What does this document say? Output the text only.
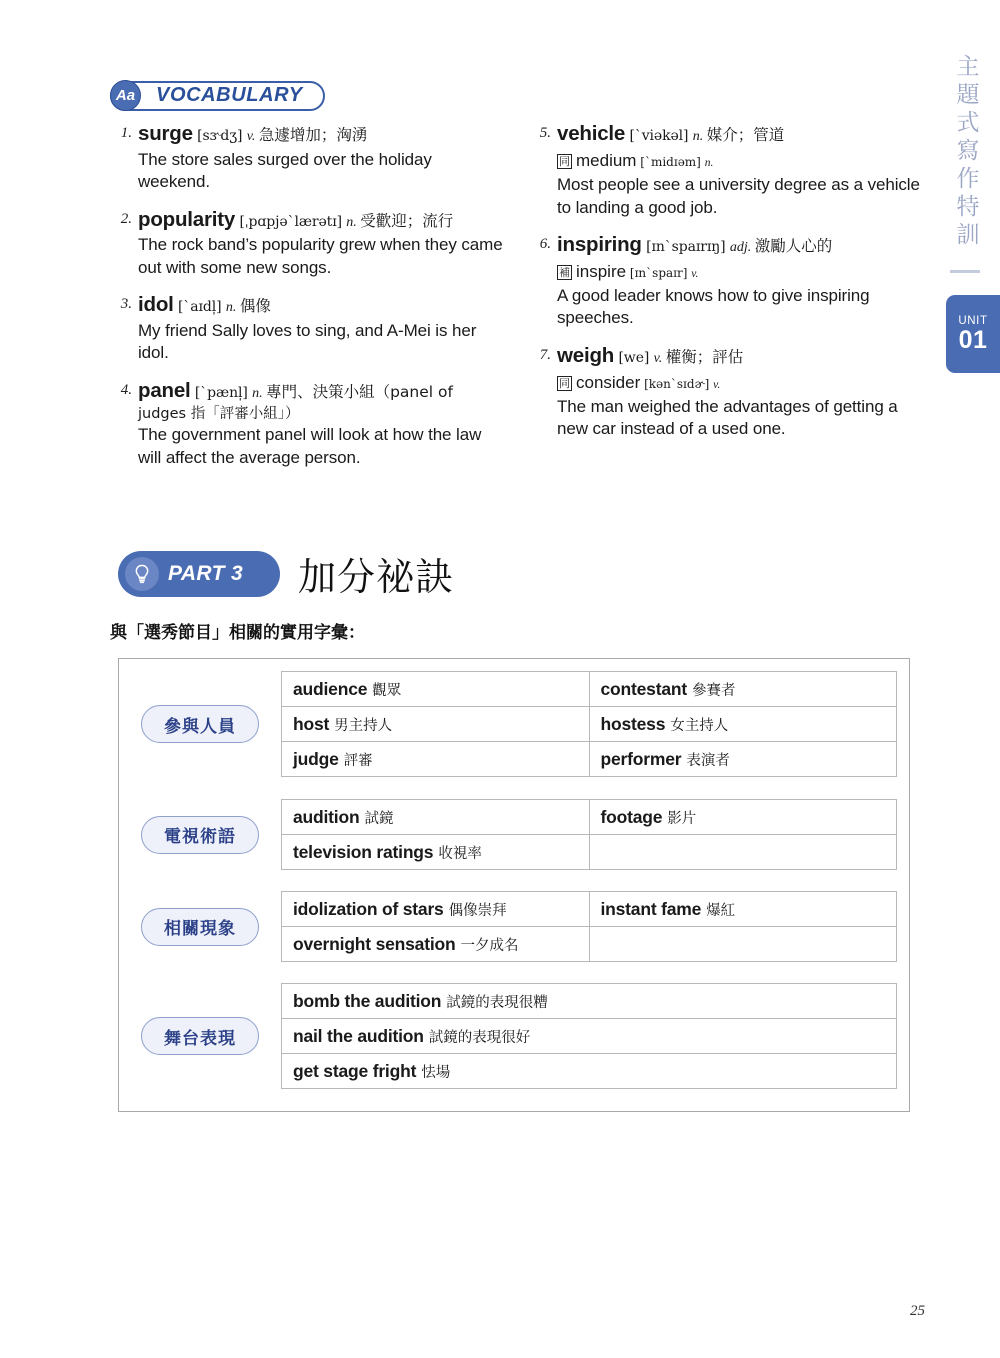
主題式寫作特訓
UNIT
01
VOCABULARY
Aa
1. surge [sɝdʒ] v. 急遽增加；洶湧
The store sales surged over the holiday weekend.
2. popularity [ˌpɑpjəˋlærətɪ] n. 受歡迎；流行
The rock band’s popularity grew when they came out with some new songs.
3. idol [ˋaɪdl̩] n. 偶像
My friend Sally loves to sing, and A-Mei is her idol.
4. panel [ˋpænl̩] n. 專門、決策小組（panel of
judges 指「評審小組」）
The government panel will look at how the law will affect the average person.
5. vehicle [ˋviəkəl] n. 媒介；管道
同 medium [ˋmidɪəm] n.
Most people see a university degree as a vehicle to landing a good job.
6. inspiring [ɪnˋspaɪrɪŋ] adj. 激勵人心的
補 inspire [ɪnˋspaɪr] v.
A good leader knows how to give inspiring speeches.
7. weigh [we] v. 權衡；評估
同 consider [kənˋsɪdɚ] v.
The man weighed the advantages of getting a new car instead of a used one.
PART 3 加分祕訣
與「選秀節目」相關的實用字彙：
參與人員
audience 觀眾	contestant 參賽者
host 男主持人	hostess 女主持人
judge 評審	performer 表演者
電視術語
audition 試鏡	footage 影片
television ratings 收視率	
相關現象
idolization of stars 偶像崇拜	instant fame 爆紅
overnight sensation 一夕成名	
舞台表現
bomb the audition 試鏡的表現很糟
nail the audition 試鏡的表現很好
get stage fright 怯場
25
